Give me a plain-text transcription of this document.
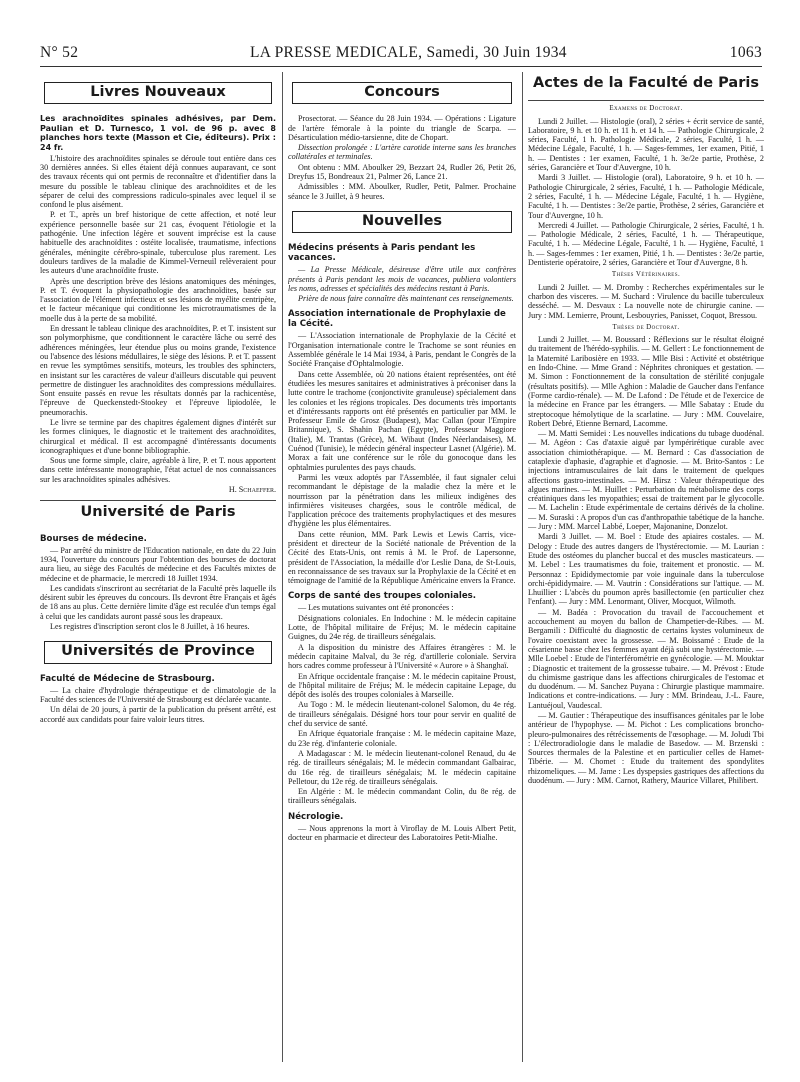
N° 52	LA PRESSE MEDICALE, Samedi, 30 Juin 1934	1063
Livres Nouveaux

Les arachnoïdites spinales adhésives, par Dem. Paulian et D. Turnesco, 1 vol. de 96 p. avec 8 planches hors texte (Masson et Cie, éditeurs). Prix : 24 fr.

L'histoire des arachnoïdites spinales se déroule tout entière dans ces 30 dernières années. Si elles étaient déjà connues auparavant, ce sont des travaux récents qui ont permis de reconnaître et d'identifier dans la mesure du possible le tableau clinique des arachnoïdites et de les séparer de celui des compressions radiculo-spinales avec lequel il se confond le plus aisément.

P. et T., après un bref historique de cette affection, et noté leur expérience personnelle basée sur 21 cas, évoquent l'étiologie et la pathogénie. Une infection légère et souvent imprécise est la cause habituelle des arachnoïdites : ostéite localisée, traumatisme, infections générales, méningite cérébro-spinale, tuberculose plus rarement. Les douleurs tardives de la maladie de Kimmel-Verneuil relèveraient pour les auteurs d'une arachnoïdite fruste.

Après une description brève des lésions anatomiques des méninges, P. et T. évoquent la physiopathologie des arachnoïdites, basée sur l'association de l'élément infectieux et ses lésions de myélite centripète, et le facteur mécanique qui conditionne les microtraumatismes de la moelle dus à la perte de sa mobilité.

En dressant le tableau clinique des arachnoïdites, P. et T. insistent sur son polymorphisme, que conditionnent le caractère lâche ou serré des adhérences méningées, leur étendue plus ou moins grande, l'existence ou l'absence des lésions médullaires, le siège des lésions. P. et T. passent en revue les symptômes sensitifs, moteurs, les troubles des sphincters, en insistant sur les caractères de valeur d'ailleurs discutable qui peuvent permettre de distinguer les arachnoïdites des compressions médullaires. Sont ensuite passés en revue les résultats donnés par la rachicentèse, l'épreuve de Queckenstedt-Stookey et l'épreuve lipiodolée, le pneumorachis.

Le livre se termine par des chapitres également dignes d'intérêt sur les formes cliniques, le diagnostic et le traitement des arachnoïdites, chirurgical et médical. Il est accompagné d'intéressants documents iconographiques et d'une bonne bibliographie.

Sous une forme simple, claire, agréable à lire, P. et T. nous apportent dans cette intéressante monographie, l'état actuel de nos connaissances sur les arachnoïdites spinales adhésives.

H. Schaeffer.

Université de Paris
Bourses de médecine.

— Par arrêté du ministre de l'Education nationale, en date du 22 Juin 1934, l'ouverture du concours pour l'obtention des bourses de doctorat aura lieu, au siège des Facultés de médecine et des Facultés mixtes de médecine et de pharmacie, le mercredi 18 Juillet 1934.

Les candidats s'inscriront au secrétariat de la Faculté près laquelle ils désirent subir les épreuves du concours. Ils devront être Français et âgés de 18 ans au plus. Cette dernière limite d'âge est reculée d'un temps égal à celui que les candidats auront passé sous les drapeaux.

Les registres d'inscription seront clos le 8 Juillet, à 16 heures.

Universités de Province
Faculté de Médecine de Strasbourg.

— La chaire d'hydrologie thérapeutique et de climatologie de la Faculté des sciences de l'Université de Strasbourg est déclarée vacante.

Un délai de 20 jours, à partir de la publication du présent arrêté, est accordé aux candidats pour faire valoir leurs titres.

Concours

Prosectorat. — Séance du 28 Juin 1934. — Opérations : Ligature de l'artère fémorale à la pointe du triangle de Scarpa. — Désarticulation médio-tarsienne, dite de Chopart.

Dissection prolongée : L'artère carotide interne sans les branches collatérales et terminales.

Ont obtenu : MM. Aboulker 29, Bezzart 24, Rudler 26, Petit 26, Dreyfus 15, Bondreaux 21, Palmer 26, Lance 21.

Admissibles : MM. Aboulker, Rudler, Petit, Palmer. Prochaine séance le 3 Juillet, à 9 heures.

Nouvelles
Médecins présents à Paris pendant les vacances.

— La Presse Médicale, désireuse d'être utile aux confrères présents à Paris pendant les mois de vacances, publiera volontiers les noms, adresses et spécialités des médecins restant à Paris.

Prière de nous faire connaître dès maintenant ces renseignements.

Association internationale de Prophylaxie de la Cécité.

— L'Association internationale de Prophylaxie de la Cécité et l'Organisation internationale contre le Trachome se sont réunies en Assemblée générale le 14 Mai 1934, à Paris, pendant le Congrès de la Société Française d'Ophtalmologie.

Dans cette Assemblée, où 20 nations étaient représentées, ont été étudiées les mesures sanitaires et administratives à préconiser dans la lutte contre le trachome (conjonctivite granuleuse) spécialement dans les colonies et les régions tropicales. Des documents très importants et d'intéressants rapports ont été présentés en particulier par MM. le Professeur Emile de Grosz (Budapest), Mac Callan (pour l'Empire Britannique), S. Shahin Pachan (Egypte), Professeur Maggiore (Italie), M. Trantas (Grèce), M. Wibaut (Indes Néerlandaises), M. Cuénod (Tunisie), le médecin général inspecteur Lasnet (Algérie). M. Morax a fait une conférence sur le rôle du gonocoque dans les ophtalmies purulentes des pays chauds.

Parmi les vœux adoptés par l'Assemblée, il faut signaler celui recommandant le dépistage de la maladie chez la mère et le nourrisson par la pénétration dans les milieux indigènes des infirmières visiteuses chargées, sous le contrôle médical, de l'application précoce des traitements prophylactiques et des mesures d'hygiène les plus élémentaires.

Dans cette réunion, MM. Park Lewis et Lewis Carris, vice-président et directeur de la Société nationale de Prévention de la Cécité des Etats-Unis, ont remis à M. le Prof. de Lapersonne, président de l'Association, la médaille d'or Leslie Dana, de St-Louis, en reconnaissance de ses travaux sur la Prophylaxie de la Cécité et en témoignage de l'amitié de la République Américaine envers la France.

Corps de santé des troupes coloniales.

— Les mutations suivantes ont été prononcées :

Désignations coloniales. En Indochine : M. le médecin capitaine Lotte, de l'hôpital militaire de Fréjus; M. le médecin capitaine Guignes, du 24e rég. de tirailleurs sénégalais.

A la disposition du ministre des Affaires étrangères : M. le médecin capitaine Malval, du 3e rég. d'artillerie coloniale. Servira hors cadres comme professeur à l'Université « Aurore » à Shanghaï.

En Afrique occidentale française : M. le médecin capitaine Proust, de l'hôpital militaire de Fréjus; M. le médecin capitaine Lepage, du dépôt des isolés des troupes coloniales à Marseille.

Au Togo : M. le médecin lieutenant-colonel Salomon, du 4e rég. de tirailleurs sénégalais. Désigné hors tour pour servir en qualité de chef du service de santé.

En Afrique équatoriale française : M. le médecin capitaine Maze, du 23e rég. d'infanterie coloniale.

A Madagascar : M. le médecin lieutenant-colonel Renaud, du 4e rég. de tirailleurs sénégalais; M. le médecin commandant Galbairac, du 16e rég. de tirailleurs sénégalais; M. le médecin capitaine Pelletour, du 12e rég. de tirailleurs sénégalais.

En Algérie : M. le médecin commandant Colin, du 8e rég. de tirailleurs sénégalais.

Nécrologie.

— Nous apprenons la mort à Viroflay de M. Louis Albert Petit, docteur en pharmacie et directeur des Laboratoires Petit-Mialhe.

Actes de la Faculté de Paris

Examens de Doctorat.

Lundi 2 Juillet. — Histologie (oral), 2 séries + écrit service de santé, Laboratoire, 9 h. et 10 h. et 11 h. et 14 h. — Pathologie Chirurgicale, 2 séries, Faculté, 1 h. Pathologie Médicale, 2 séries, Faculté, 1 h. — Médecine Légale, Faculté, 1 h. — Sages-femmes, 1er examen, Pitié, 1 h. — Dentistes : 1er examen, Faculté, 1 h. 3e/2e partie, Prothèse, 2 séries, Garancière et Tour d'Auvergne, 10 h.

Mardi 3 Juillet. — Histologie (oral), Laboratoire, 9 h. et 10 h. — Pathologie Chirurgicale, 2 séries, Faculté, 1 h. — Pathologie Médicale, 2 séries, Faculté, 1 h. — Médecine Légale, Faculté, 1 h. — Hygiène, Faculté, 1 h. — Dentistes : 3e/2e partie, Prothèse, 2 séries, Garancière et Tour d'Auvergne, 10 h.

Mercredi 4 Juillet. — Pathologie Chirurgicale, 2 séries, Faculté, 1 h. — Pathologie Médicale, 2 séries, Faculté, 1 h. — Thérapeutique, Faculté, 1 h. — Médecine Légale, Faculté, 1 h. — Hygiène, Faculté, 1 h. — Sages-femmes : 1er examen, Pitié, 1 h. — Dentistes : 3e/2e partie, Dentisterie opératoire, 2 séries, Garancière et Tour d'Auvergne, 8 h.

Thèses Vétérinaires.

Lundi 2 Juillet. — M. Dromby : Recherches expérimentales sur le charbon des visceres. — M. Suchard : Virulence du bacille tuberculeux desséché. — M. Desvaux : La nouvelle note de chirurgie canine. — Jury : MM. Lemierre, Prount, Lesbouyries, Panisset, Coquot, Bressou.

Thèses de Doctorat.

Lundi 2 Juillet. — M. Boussard : Réflexions sur le résultat éloigné du traitement de l'hérédo-syphilis. — M. Gellert : Le fonctionnement de la Maternité Laribosière en 1933. — Mlle Bisi : Activité et obstétrique en Indo-Chine. — Mme Grand : Néphrites chroniques et gestation. — M. Simon : Fonctionnement de la consultation de stérilité conjugale (résultats positifs). — Mlle Aghion : Maladie de Gaucher dans l'enfance (Forme cardio-rénale). — M. De Lafond : De l'étude et de l'exercice de la médecine en France par les étrangers. — Mlle Sabatay : Etude du streptocoque hémolytique de la scarlatine. — Jury : MM. Couvelaire, Robert Debré, Etienne Bernard, Lacomme.

— M. Matti Semidei : Les nouvelles indications du tubage duodénal. — M. Agéon : Cas d'ataxie aiguë par lympérirétique curable avec association chimiothérapique. — M. Bernard : Cas d'association de cataplexie d'aphasie, d'agraphie et d'agnosie. — M. Brito-Santos : Le injections intramusculaires de lait dans le traitement de quelques affections gastro-intestinales. — M. Hirsz : Valeur thérapeutique des algues marines. — M. Huillet : Perturbation du métabolisme des corps créatiniques dans les myopathies; essai de traitement par le glycocolle. — M. Lachelin : Etude expérimentale de certains dérivés de la choline. — M. Suraski : A propos d'un cas d'anthropathie tabétique de la hanche. — Jury : MM. Marcel Labbé, Loeper, Majonanine, Donzelot.

Mardi 3 Juillet. — M. Boel : Etude des apiaires costales. — M. Delogy : Etude des autres dangers de l'hystérectomie. — M. Laurian : Etude des ostéomes du plancher buccal et des muscles masticateurs. — M. Lebel : Les traumatismes du foie, traitement et pronostic. — M. Personnaz : Epididymectomie par voie inguinale dans la tuberculose orchi-épididymaire. — M. Vautrin : Considérations sur l'attique. — M. Lhuillier : L'abcès du poumon après basillectomie (en particulier chez l'enfant). — Jury : MM. Lenormant, Oliver, Mocquot, Wilmoth.

— M. Badéa : Provocation du travail de l'accouchement et accouchement au moyen du ballon de Champetier-de-Ribes. — M. Bergamili : Difficulté du diagnostic de certains kystes volumineux de l'ovaire coexistant avec la grossesse. — M. Boissamé : Etude de la césarienne basse chez les femmes ayant déjà subi une hystérectomie. — Mlle Loebel : Etude de l'interférométrie en gynécologie. — M. Mouktar : Diagnostic et traitement de la grossesse tubaire. — M. Prévost : Etude du chimisme gastrique dans les affections chirurgicales de l'estomac et du duodénum. — M. Sanchez Puyana : Chirurgie plastique mammaire. Indications et contre-indications. — Jury : MM. Brindeau, J.-L. Faure, Lantuéjoul, Vaudescal.

— M. Gautier : Thérapeutique des insuffisances génitales par le lobe antérieur de l'hypophyse. — M. Pichot : Les complications broncho-pleuro-pulmonaires des rétrécissements de l'œsophage. — M. Joludi Tbi : L'électroradiologie dans le maladie de Basedow. — M. Brzenski : Sources thermales de la Palestine et en particulier celles de Hamet-Tibérie. — M. Chomet : Etude du traitement des spondylites rhizomeliques. — M. Jame : Les dyspepsies gastriques des affections du duodénum. — Jury : MM. Carnot, Rathery, Maurice Villaret, Philibert.
